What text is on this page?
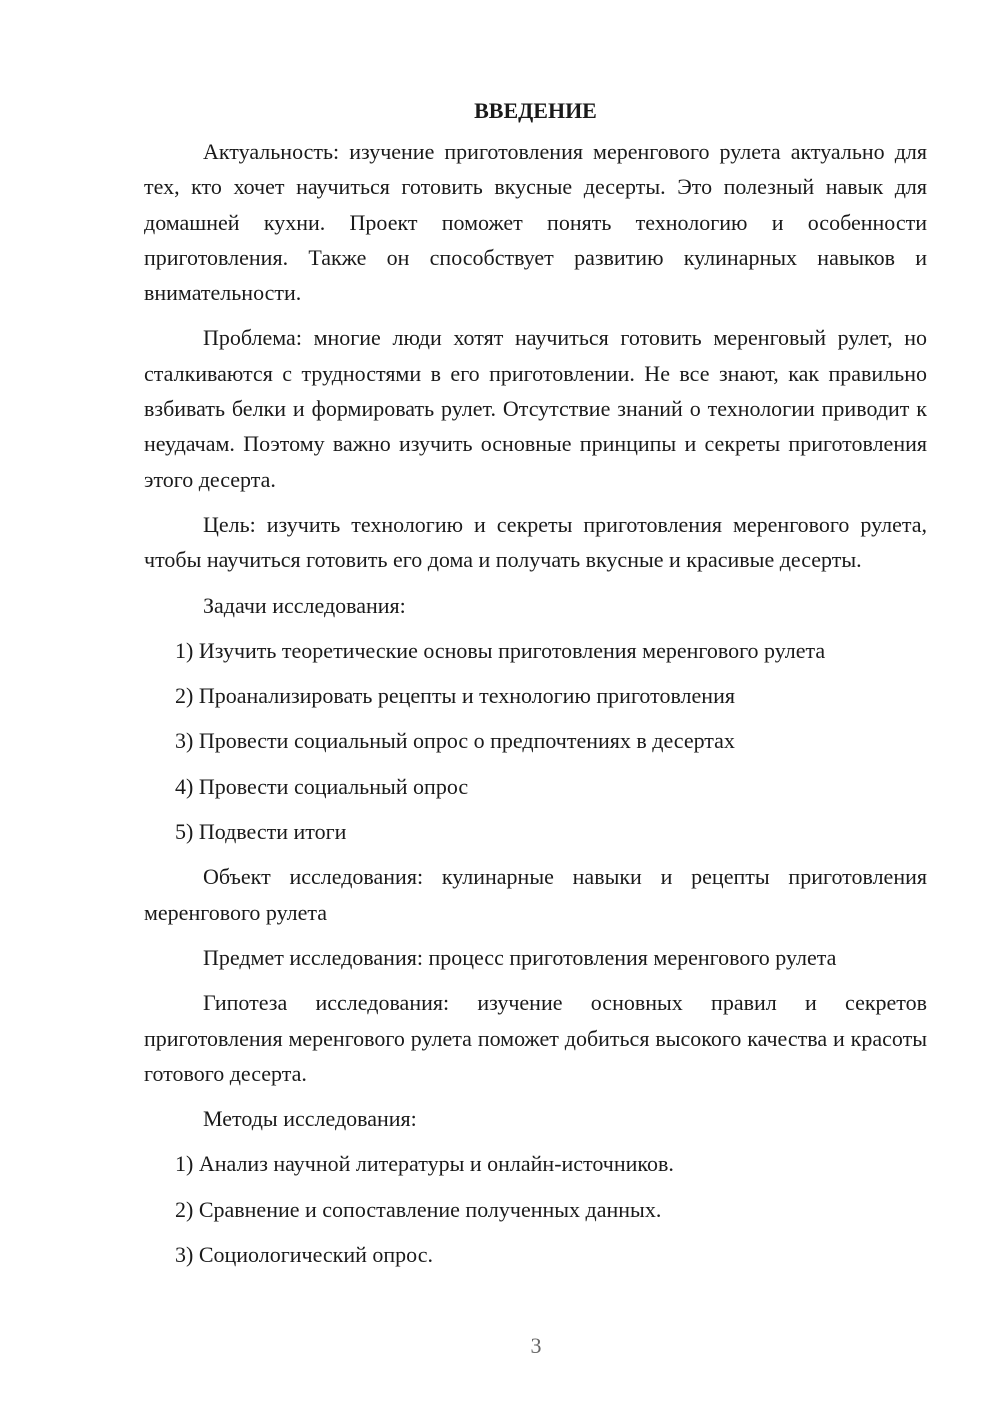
ВВЕДЕНИЕ

Актуальность: изучение приготовления меренгового рулета актуально для тех, кто хочет научиться готовить вкусные десерты. Это полезный навык для домашней кухни. Проект поможет понять технологию и особенности приготовления. Также он способствует развитию кулинарных навыков и внимательности.

Проблема: многие люди хотят научиться готовить меренговый рулет, но сталкиваются с трудностями в его приготовлении. Не все знают, как правильно взбивать белки и формировать рулет. Отсутствие знаний о технологии приводит к неудачам. Поэтому важно изучить основные принципы и секреты приготовления этого десерта.

Цель: изучить технологию и секреты приготовления меренгового рулета, чтобы научиться готовить его дома и получать вкусные и красивые десерты.

Задачи исследования:
1) Изучить теоретические основы приготовления меренгового рулета
2) Проанализировать рецепты и технологию приготовления
3) Провести социальный опрос о предпочтениях в десертах
4) Провести социальный опрос
5) Подвести итоги

Объект исследования: кулинарные навыки и рецепты приготовления меренгового рулета

Предмет исследования: процесс приготовления меренгового рулета

Гипотеза исследования: изучение основных правил и секретов приготовления меренгового рулета поможет добиться высокого качества и красоты готового десерта.

Методы исследования:
1) Анализ научной литературы и онлайн-источников.
2) Сравнение и сопоставление полученных данных.
3) Социологический опрос.
3
